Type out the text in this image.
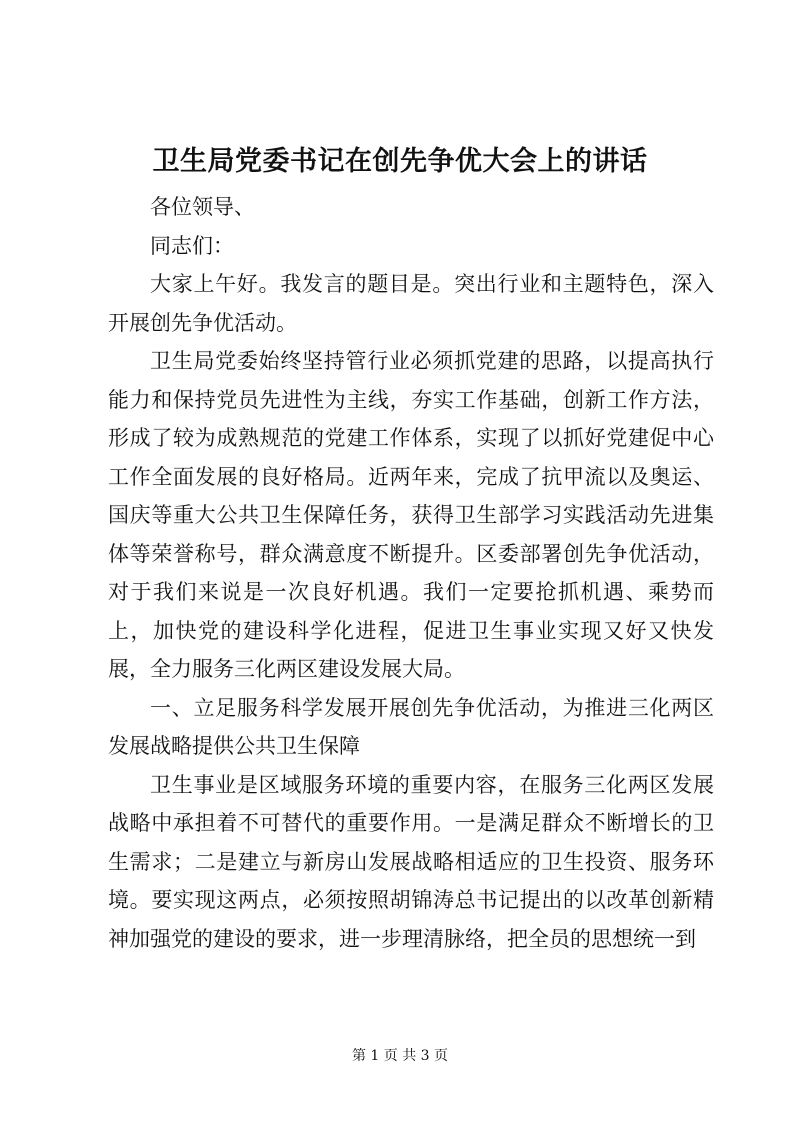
卫生局党委书记在创先争优大会上的讲话

各位领导、

同志们：

大家上午好。我发言的题目是。突出行业和主题特色，深入开展创先争优活动。

卫生局党委始终坚持管行业必须抓党建的思路，以提高执行能力和保持党员先进性为主线，夯实工作基础，创新工作方法，形成了较为成熟规范的党建工作体系，实现了以抓好党建促中心工作全面发展的良好格局。近两年来，完成了抗甲流以及奥运、国庆等重大公共卫生保障任务，获得卫生部学习实践活动先进集体等荣誉称号，群众满意度不断提升。区委部署创先争优活动，对于我们来说是一次良好机遇。我们一定要抢抓机遇、乘势而上，加快党的建设科学化进程，促进卫生事业实现又好又快发展，全力服务三化两区建设发展大局。

一、立足服务科学发展开展创先争优活动，为推进三化两区发展战略提供公共卫生保障

卫生事业是区域服务环境的重要内容，在服务三化两区发展战略中承担着不可替代的重要作用。一是满足群众不断增长的卫生需求；二是建立与新房山发展战略相适应的卫生投资、服务环境。要实现这两点，必须按照胡锦涛总书记提出的以改革创新精神加强党的建设的要求，进一步理清脉络，把全员的思想统一到

第 1 页 共 3 页
